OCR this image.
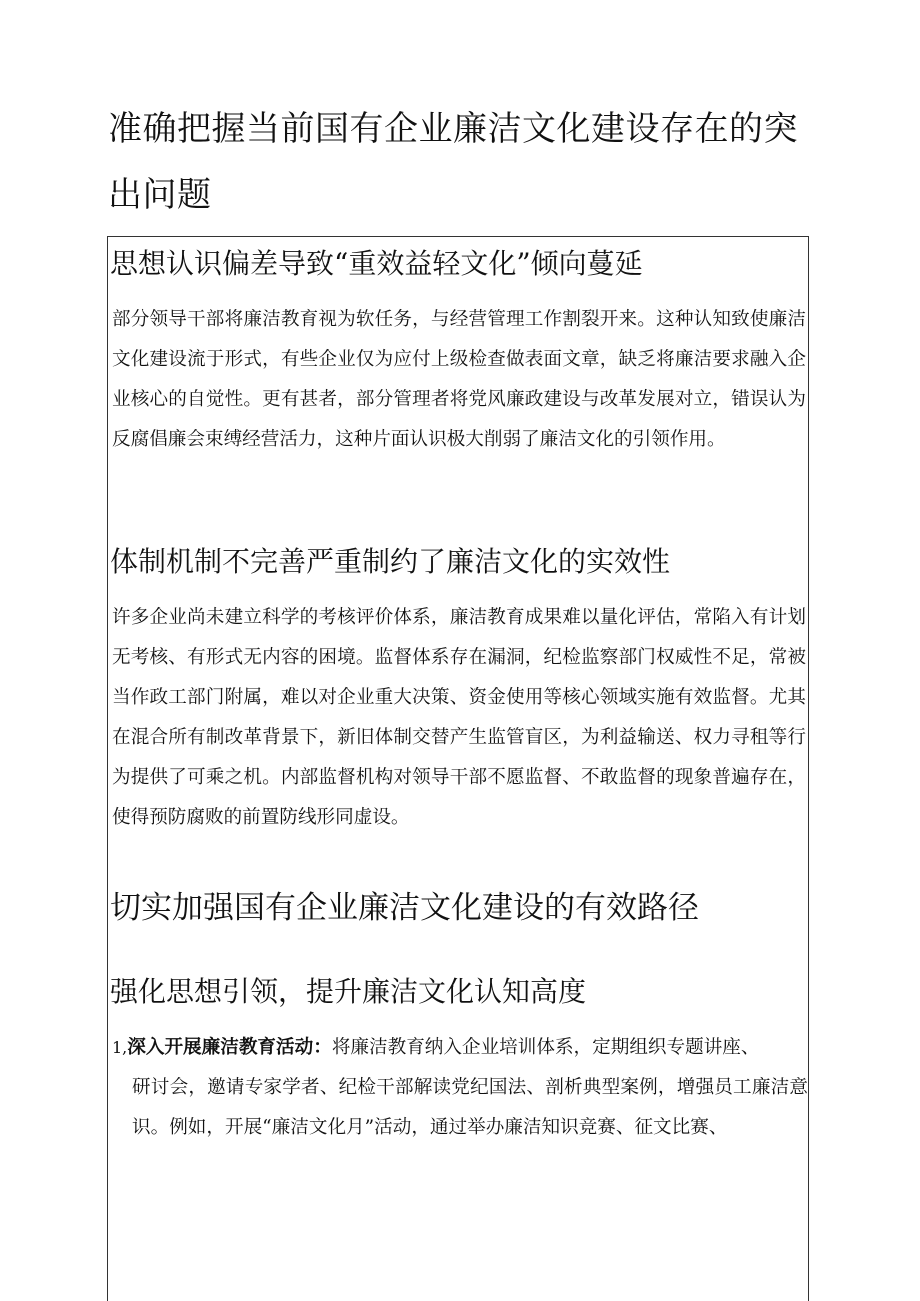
准确把握当前国有企业廉洁文化建设存在的突出问题
思想认识偏差导致“重效益轻文化”倾向蔓延

部分领导干部将廉洁教育视为软任务，与经营管理工作割裂开来。这种认知致使廉洁文化建设流于形式，有些企业仅为应付上级检查做表面文章，缺乏将廉洁要求融入企业核心的自觉性。更有甚者，部分管理者将党风廉政建设与改革发展对立，错误认为反腐倡廉会束缚经营活力，这种片面认识极大削弱了廉洁文化的引领作用。

体制机制不完善严重制约了廉洁文化的实效性

许多企业尚未建立科学的考核评价体系，廉洁教育成果难以量化评估，常陷入有计划无考核、有形式无内容的困境。监督体系存在漏洞，纪检监察部门权威性不足，常被当作政工部门附属，难以对企业重大决策、资金使用等核心领域实施有效监督。尤其在混合所有制改革背景下，新旧体制交替产生监管盲区，为利益输送、权力寻租等行为提供了可乘之机。内部监督机构对领导干部不愿监督、不敢监督的现象普遍存在，使得预防腐败的前置防线形同虚设。

切实加强国有企业廉洁文化建设的有效路径
强化思想引领，提升廉洁文化认知高度
1,深入开展廉洁教育活动：将廉洁教育纳入企业培训体系，定期组织专题讲座、
研讨会，邀请专家学者、纪检干部解读党纪国法、剖析典型案例，增强员工廉洁意识。例如，开展“廉洁文化月”活动，通过举办廉洁知识竞赛、征文比赛、
